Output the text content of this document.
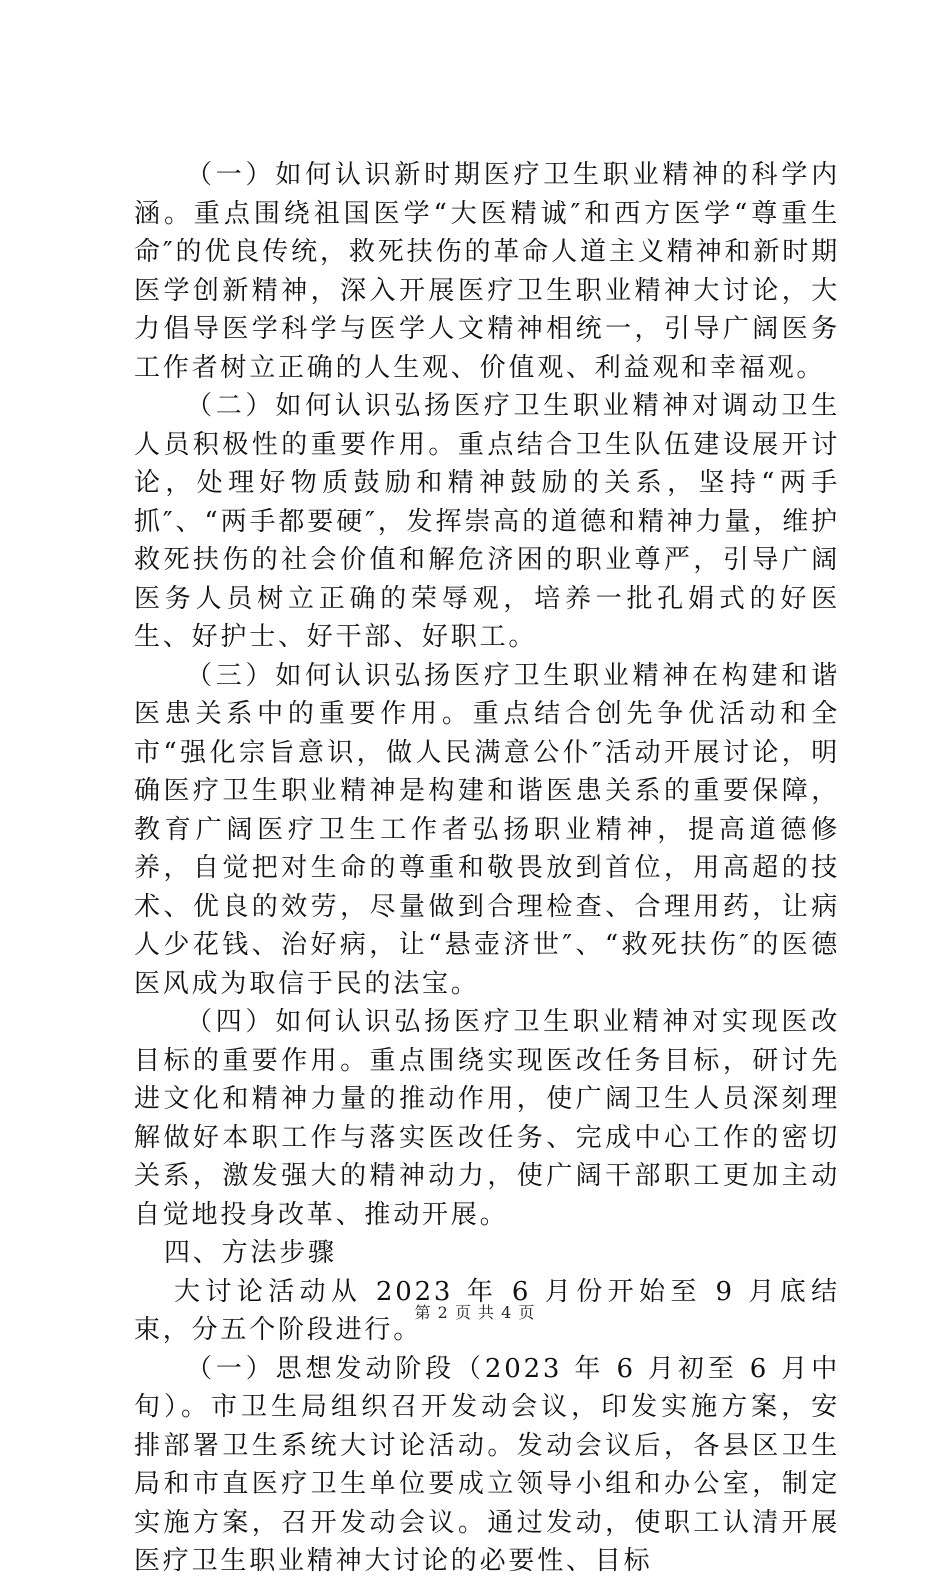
（一）如何认识新时期医疗卫生职业精神的科学内涵。重点围绕祖国医学“大医精诚″和西方医学“尊重生命″的优良传统，救死扶伤的革命人道主义精神和新时期医学创新精神，深入开展医疗卫生职业精神大讨论，大力倡导医学科学与医学人文精神相统一，引导广阔医务工作者树立正确的人生观、价值观、利益观和幸福观。

（二）如何认识弘扬医疗卫生职业精神对调动卫生人员积极性的重要作用。重点结合卫生队伍建设展开讨论，处理好物质鼓励和精神鼓励的关系，坚持“两手抓″、“两手都要硬″，发挥崇高的道德和精神力量，维护救死扶伤的社会价值和解危济困的职业尊严，引导广阔医务人员树立正确的荣辱观，培养一批孔娟式的好医生、好护士、好干部、好职工。

（三）如何认识弘扬医疗卫生职业精神在构建和谐医患关系中的重要作用。重点结合创先争优活动和全市“强化宗旨意识，做人民满意公仆″活动开展讨论，明确医疗卫生职业精神是构建和谐医患关系的重要保障，教育广阔医疗卫生工作者弘扬职业精神，提高道德修养，自觉把对生命的尊重和敬畏放到首位，用高超的技术、优良的效劳，尽量做到合理检查、合理用药，让病人少花钱、治好病，让“悬壶济世″、“救死扶伤″的医德医风成为取信于民的法宝。

（四）如何认识弘扬医疗卫生职业精神对实现医改目标的重要作用。重点围绕实现医改任务目标，研讨先进文化和精神力量的推动作用，使广阔卫生人员深刻理解做好本职工作与落实医改任务、完成中心工作的密切关系，激发强大的精神动力，使广阔干部职工更加主动自觉地投身改革、推动开展。

四、方法步骤

大讨论活动从 2023 年 6 月份开始至 9 月底结束，分五个阶段进行。

（一）思想发动阶段（2023 年 6 月初至 6 月中旬）。市卫生局组织召开发动会议，印发实施方案，安排部署卫生系统大讨论活动。发动会议后，各县区卫生局和市直医疗卫生单位要成立领导小组和办公室，制定实施方案，召开发动会议。通过发动，使职工认清开展医疗卫生职业精神大讨论的必要性、目标

第 2 页 共 4 页
